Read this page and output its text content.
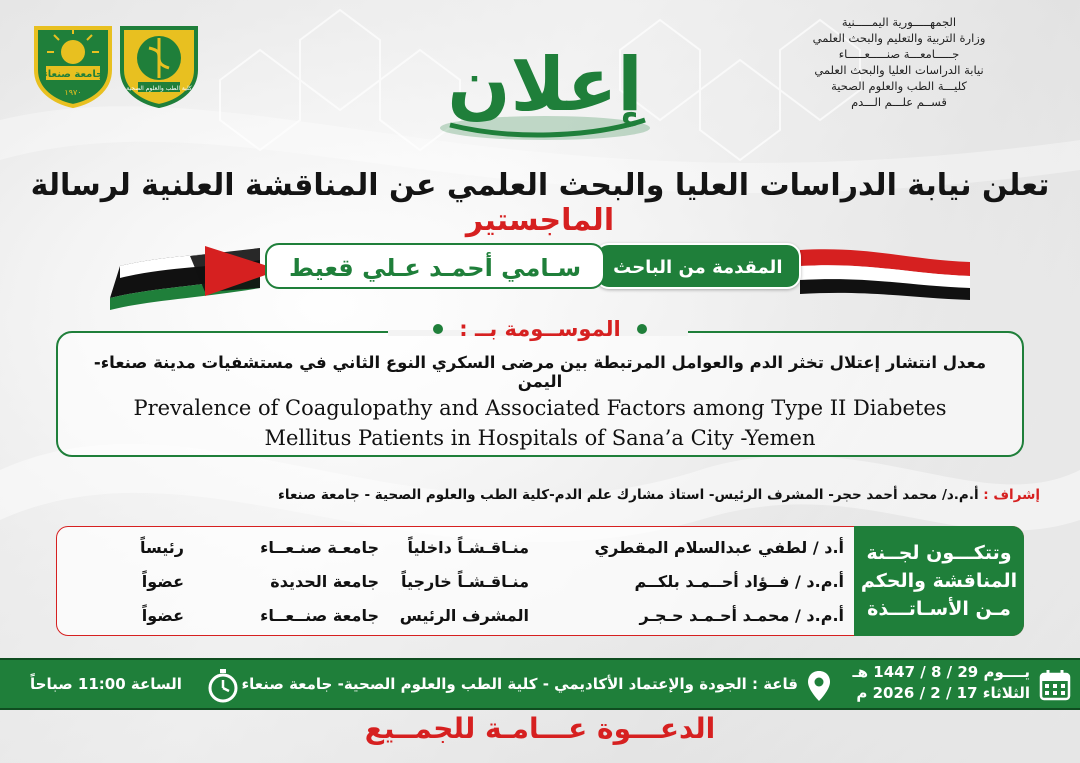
الجمهـــــورية اليمـــــنية
وزارة التربية والتعليم والبحث العلمي
جـــــامعـــة صنـــــعـــــاء
نيابة الدراسات العليا والبحث العلمي
كليـــة الطب والعلوم الصحية
قســم علـــم الـــدم
جامعة صنعاء
١٩٧٠	كلية الطب والعلوم الصحية	إعلان
تعلن نيابة الدراسات العليا والبحث العلمي عن المناقشة العلنية لرسالة الماجستير
المقدمة من الباحث
سـامي أحمـد عـلي قعيط
معدل انتشار إعتلال تخثر الدم والعوامل المرتبطة بين مرضى السكري النوع الثاني في مستشفيات مدينة صنعاء-اليمن
Prevalence of Coagulopathy and Associated Factors among Type II Diabetes
Mellitus Patients in Hospitals of Sana’a City -Yemen
الموســومة بــ :
إشراف : أ.م.د/ محمد أحمد حجر- المشرف الرئيس- استاذ مشارك علم الدم-كلية الطب والعلوم الصحية - جامعة صنعاء
وتتكـــون لجــنة
المناقشة والحكم
مـن الأسـاتـــذة
أ.د / لطفي عبدالسلام المقطري
منـاقـشـاً داخلياً
جامعـة صنـعــاء
رئيساً
أ.م.د / فــؤاد أحــمـد بلكــم
منـاقـشـاً خارجياً
جامعة الحديدة
عضواً
أ.م.د / محمـد أحـمـد حـجـر
المشرف الرئيس
جامعة صنــعــاء
عضواً
يــــوم 29 / 8 / 1447 هـ
الثلاثاء 17 / 2 / 2026 م
قاعة : الجودة والإعتماد الأكاديمي - كلية الطب والعلوم الصحية- جامعة صنعاء
الساعة 11:00 صباحاً
الدعـــوة عـــامـة للجمــيع
